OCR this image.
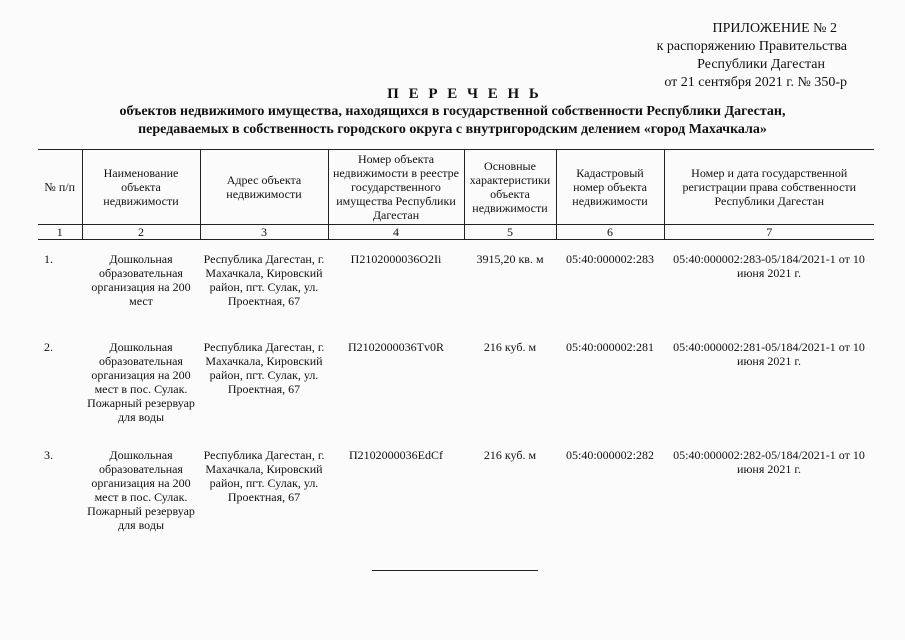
ПРИЛОЖЕНИЕ № 2
к распоряжению Правительства
Республики Дагестан
от 21 сентября 2021 г. № 350-р
П Е Р Е Ч Е Н Ь
объектов недвижимого имущества, находящихся в государственной собственности Республики Дагестан,
передаваемых в собственность городского округа с внутригородским делением «город Махачкала»
№ п/п	Наименование объекта недвижимости	Адрес объекта недвижимости	Номер объекта недвижимости в реестре государственного имущества Республики Дагестан	Основные характеристики объекта недвижимости	Кадастровый номер объекта недвижимости	Номер и дата государственной регистрации права собственности Республики Дагестан
1	2	3	4	5	6	7
1.	Дошкольная образовательная организация на 200 мест	Республика Дагестан, г. Махачкала, Кировский район, пгт. Сулак, ул. Проектная, 67	П2102000036O2Ii	3915,20 кв. м	05:40:000002:283	05:40:000002:283-05/184/2021-1 от 10 июня 2021 г.
2.	Дошкольная образовательная организация на 200 мест в пос. Сулак. Пожарный резервуар для воды	Республика Дагестан, г. Махачкала, Кировский район, пгт. Сулак, ул. Проектная, 67	П2102000036Tv0R	216 куб. м	05:40:000002:281	05:40:000002:281-05/184/2021-1 от 10 июня 2021 г.
3.	Дошкольная образовательная организация на 200 мест в пос. Сулак. Пожарный резервуар для воды	Республика Дагестан, г. Махачкала, Кировский район, пгт. Сулак, ул. Проектная, 67	П2102000036EdCf	216 куб. м	05:40:000002:282	05:40:000002:282-05/184/2021-1 от 10 июня 2021 г.
